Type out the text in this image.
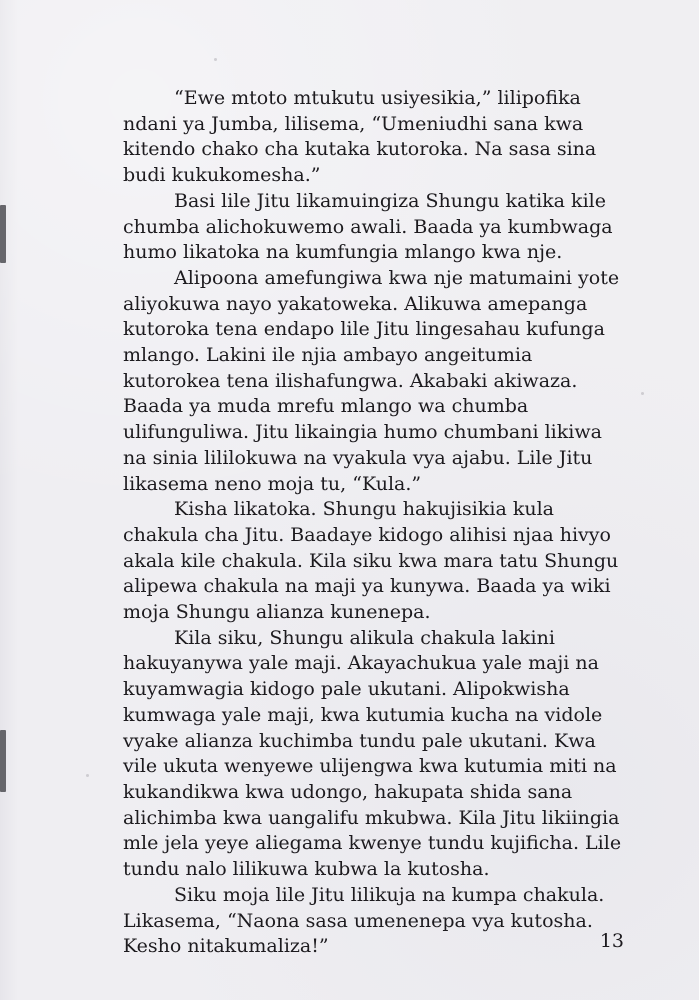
“Ewe mtoto mtukutu usiyesikia,” lilipofika ndani ya Jumba, lilisema, “Umeniudhi sana kwa kitendo chako cha kutaka kutoroka. Na sasa sina budi kukukomesha.”

Basi lile Jitu likamuingiza Shungu katika kile chumba alichokuwemo awali. Baada ya kumbwaga humo likatoka na kumfungia mlango kwa nje.

Alipoona amefungiwa kwa nje matumaini yote aliyokuwa nayo yakatoweka. Alikuwa amepanga kutoroka tena endapo lile Jitu lingesahau kufunga mlango. Lakini ile njia ambayo angeitumia kutorokea tena ilishafungwa. Akabaki akiwaza. Baada ya muda mrefu mlango wa chumba ulifunguliwa. Jitu likaingia humo chumbani likiwa na sinia lililokuwa na vyakula vya ajabu. Lile Jitu likasema neno moja tu, “Kula.”

Kisha likatoka. Shungu hakujisikia kula chakula cha Jitu. Baadaye kidogo alihisi njaa hivyo akala kile chakula. Kila siku kwa mara tatu Shungu alipewa chakula na maji ya kunywa. Baada ya wiki moja Shungu alianza kunenepa.

Kila siku, Shungu alikula chakula lakini hakuyanywa yale maji. Akayachukua yale maji na kuyamwagia kidogo pale ukutani. Alipokwisha kumwaga yale maji, kwa kutumia kucha na vidole vyake alianza kuchimba tundu pale ukutani. Kwa vile ukuta wenyewe ulijengwa kwa kutumia miti na kukandikwa kwa udongo, hakupata shida sana alichimba kwa uangalifu mkubwa. Kila Jitu likiingia mle jela yeye aliegama kwenye tundu kujificha. Lile tundu nalo lilikuwa kubwa la kutosha.

Siku moja lile Jitu lilikuja na kumpa chakula. Likasema, “Naona sasa umenenepa vya kutosha. Kesho nitakumaliza!”	13
